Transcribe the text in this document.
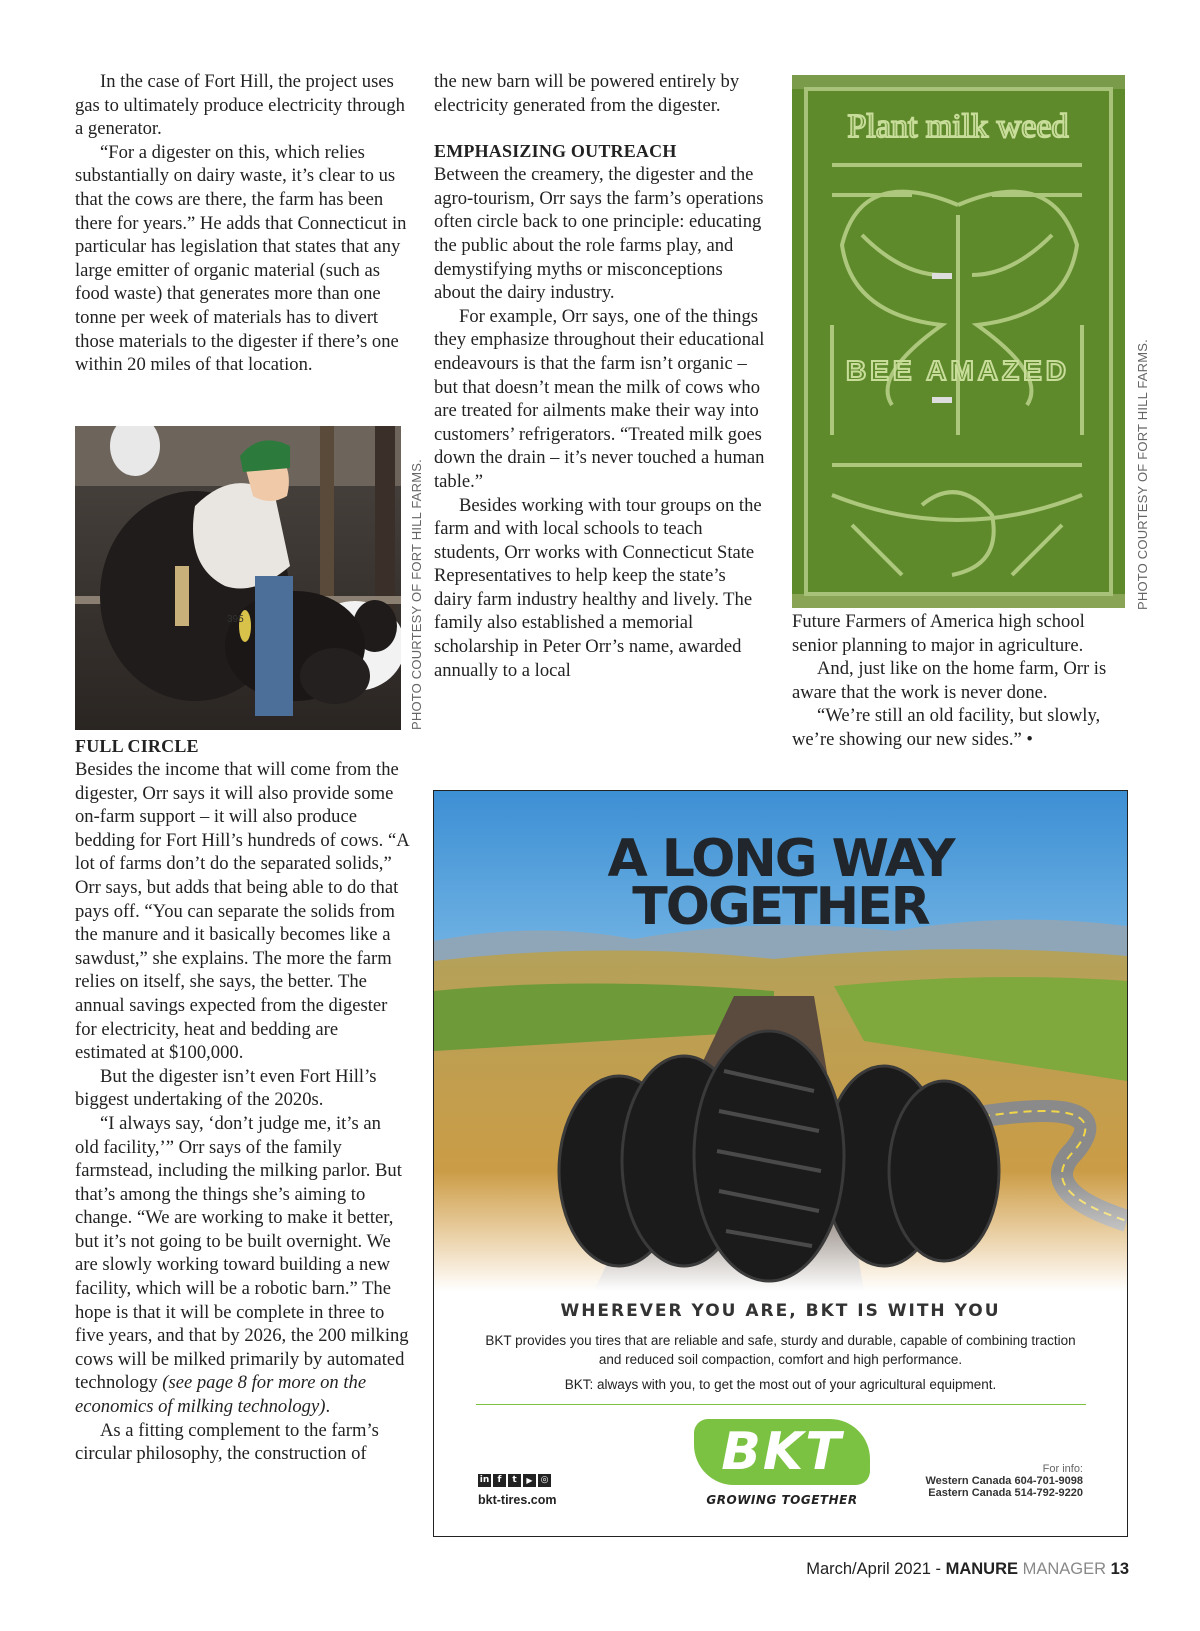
In the case of Fort Hill, the project uses gas to ultimately produce electricity through a generator.

“For a digester on this, which relies substantially on dairy waste, it’s clear to us that the cows are there, the farm has been there for years.” He adds that Connecticut in particular has legislation that states that any large emitter of organic material (such as food waste) that generates more than one tonne per week of materials has to divert those materials to the digester if there’s one within 20 miles of that location.

395	PHOTO COURTESY OF FORT HILL FARMS.
FULL CIRCLE

Besides the income that will come from the digester, Orr says it will also provide some on-farm support – it will also produce bedding for Fort Hill’s hundreds of cows. “A lot of farms don’t do the separated solids,” Orr says, but adds that being able to do that pays off. “You can separate the solids from the manure and it basically becomes like a sawdust,” she explains. The more the farm relies on itself, she says, the better. The annual savings expected from the digester for electricity, heat and bedding are estimated at $100,000.

But the digester isn’t even Fort Hill’s biggest undertaking of the 2020s.

“I always say, ‘don’t judge me, it’s an old facility,’” Orr says of the family farmstead, including the milking parlor. But that’s among the things she’s aiming to change. “We are working to make it better, but it’s not going to be built overnight. We are slowly working toward building a new facility, which will be a robotic barn.” The hope is that it will be complete in three to five years, and that by 2026, the 200 milking cows will be milked primarily by automated technology (see page 8 for more on the economics of milking technology).

As a fitting complement to the farm’s circular philosophy, the construction of

the new barn will be powered entirely by electricity generated from the digester.

EMPHASIZING OUTREACH

Between the creamery, the digester and the agro-tourism, Orr says the farm’s operations often circle back to one principle: educating the public about the role farms play, and demystifying myths or misconceptions about the dairy industry.

For example, Orr says, one of the things they emphasize throughout their educational endeavours is that the farm isn’t organic – but that doesn’t mean the milk of cows who are treated for ailments make their way into customers’ refrigerators. “Treated milk goes down the drain – it’s never touched a human table.”

Besides working with tour groups on the farm and with local schools to teach students, Orr works with Connecticut State Representatives to help keep the state’s dairy farm industry healthy and lively. The family also established a memorial scholarship in Peter Orr’s name, awarded annually to a local

Plant milk weed
BEE AMAZED	PHOTO COURTESY OF FORT HILL FARMS.

Future Farmers of America high school senior planning to major in agriculture.

And, just like on the home farm, Orr is aware that the work is never done.

“We’re still an old facility, but slowly, we’re showing our new sides.” •

A LONG WAY
TOGETHER
WHEREVER YOU ARE, BKT IS WITH YOU
BKT provides you tires that are reliable and safe, sturdy and durable, capable of combining traction and reduced soil compaction, comfort and high performance.
BKT: always with you, to get the most out of your agricultural equipment.
BKT
GROWING TOGETHER
in f	t	▶ ◎
bkt-tires.com
For info:
Western Canada 604-701-9098
Eastern Canada 514-792-9220
March/April 2021 - MANURE MANAGER 13
